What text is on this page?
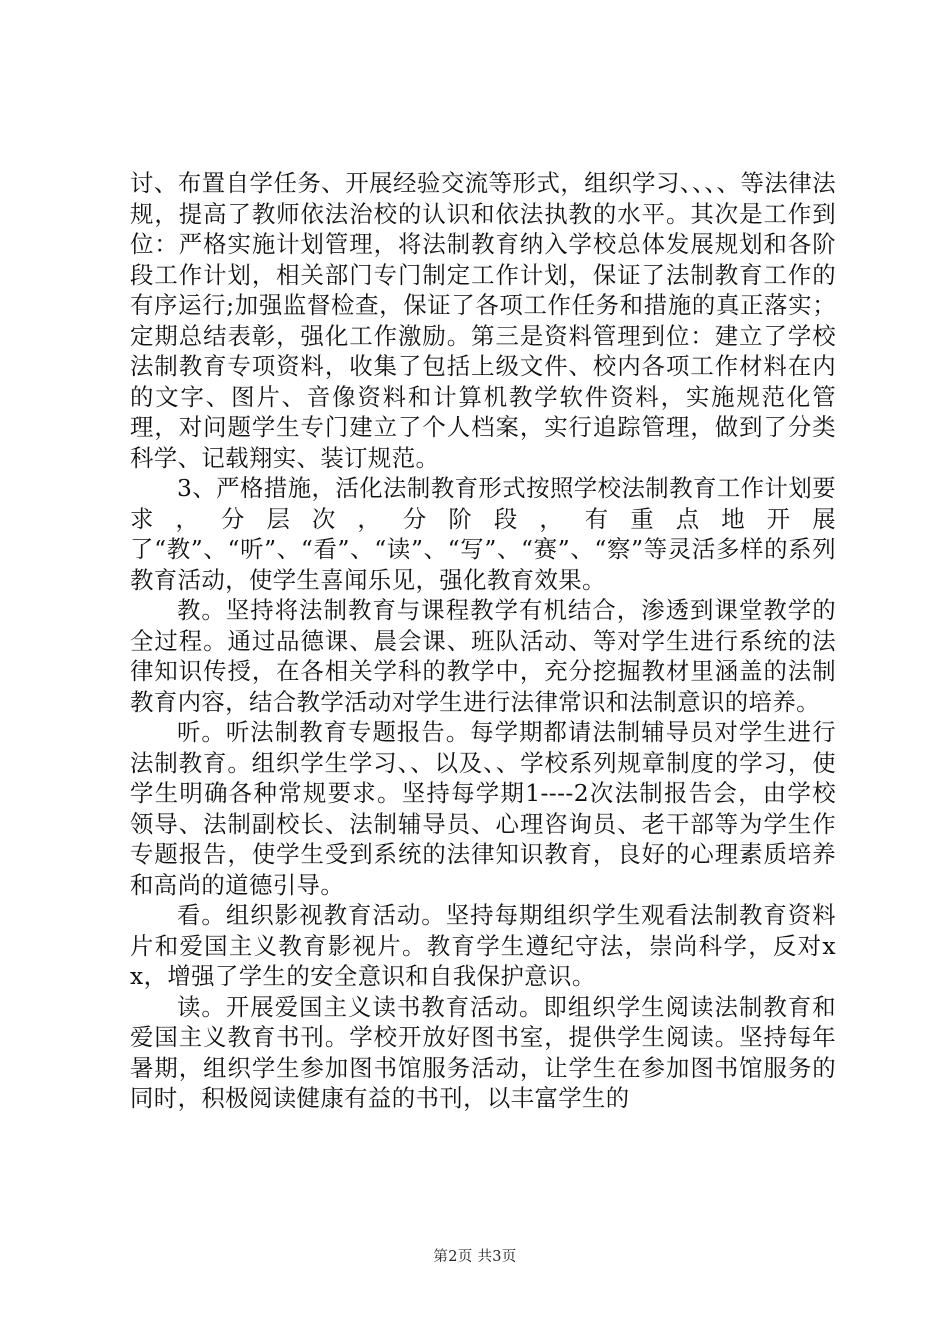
讨、布置自学任务、开展经验交流等形式，组织学习、、、、等法律法规，提高了教师依法治校的认识和依法执教的水平。其次是工作到位：严格实施计划管理，将法制教育纳入学校总体发展规划和各阶段工作计划，相关部门专门制定工作计划，保证了法制教育工作的有序运行;加强监督检查，保证了各项工作任务和措施的真正落实；定期总结表彰，强化工作激励。第三是资料管理到位：建立了学校法制教育专项资料，收集了包括上级文件、校内各项工作材料在内的文字、图片、音像资料和计算机教学软件资料，实施规范化管理，对问题学生专门建立了个人档案，实行追踪管理，做到了分类科学、记载翔实、装订规范。

3、严格措施，活化法制教育形式按照学校法制教育工作计划要求，分层次，分阶段，有重点地开展了“教”、“听”、“看”、“读”、“写”、“赛”、“察”等灵活多样的系列教育活动，使学生喜闻乐见，强化教育效果。

教。坚持将法制教育与课程教学有机结合，渗透到课堂教学的全过程。通过品德课、晨会课、班队活动、等对学生进行系统的法律知识传授，在各相关学科的教学中，充分挖掘教材里涵盖的法制教育内容，结合教学活动对学生进行法律常识和法制意识的培养。

听。听法制教育专题报告。每学期都请法制辅导员对学生进行法制教育。组织学生学习、、以及、、学校系列规章制度的学习，使学生明确各种常规要求。坚持每学期1----2次法制报告会，由学校领导、法制副校长、法制辅导员、心理咨询员、老干部等为学生作专题报告，使学生受到系统的法律知识教育，良好的心理素质培养和高尚的道德引导。

看。组织影视教育活动。坚持每期组织学生观看法制教育资料片和爱国主义教育影视片。教育学生遵纪守法，崇尚科学，反对xx，增强了学生的安全意识和自我保护意识。

读。开展爱国主义读书教育活动。即组织学生阅读法制教育和爱国主义教育书刊。学校开放好图书室，提供学生阅读。坚持每年暑期，组织学生参加图书馆服务活动，让学生在参加图书馆服务的同时，积极阅读健康有益的书刊，以丰富学生的

第2页 共3页
